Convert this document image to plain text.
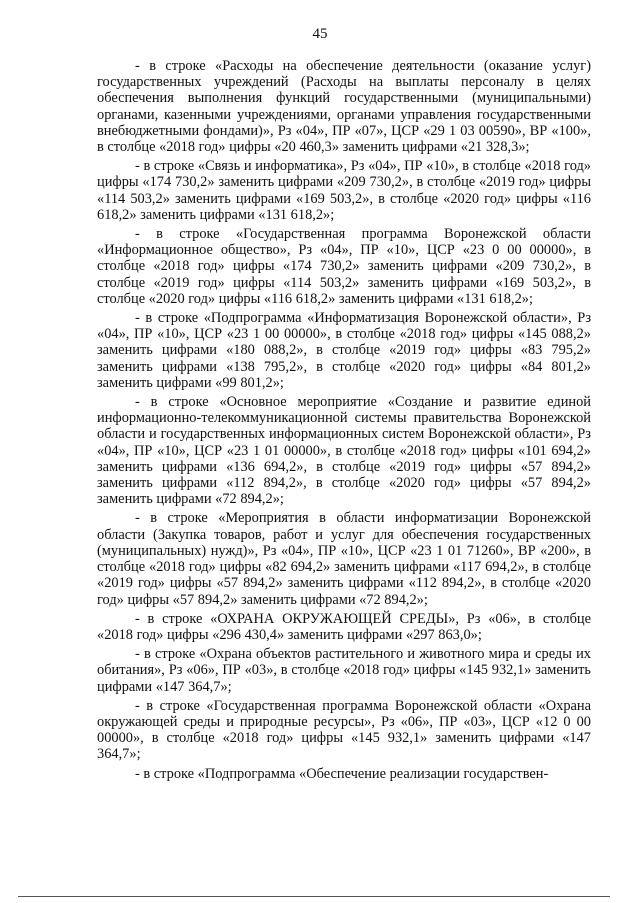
45

- в строке «Расходы на обеспечение деятельности (оказание услуг) государственных учреждений (Расходы на выплаты персоналу в целях обеспечения выполнения функций государственными (муниципальными) органами, казенными учреждениями, органами управления государственными внебюджетными фондами)», Рз «04», ПР «07», ЦСР «29 1 03 00590», ВР «100», в столбце «2018 год» цифры «20 460,3» заменить цифрами «21 328,3»;

- в строке «Связь и информатика», Рз «04», ПР «10», в столбце «2018 год» цифры «174 730,2» заменить цифрами «209 730,2», в столбце «2019 год» цифры «114 503,2» заменить цифрами «169 503,2», в столбце «2020 год» цифры «116 618,2» заменить цифрами «131 618,2»;

- в строке «Государственная программа Воронежской области «Информационное общество», Рз «04», ПР «10», ЦСР «23 0 00 00000», в столбце «2018 год» цифры «174 730,2» заменить цифрами «209 730,2», в столбце «2019 год» цифры «114 503,2» заменить цифрами «169 503,2», в столбце «2020 год» цифры «116 618,2» заменить цифрами «131 618,2»;

- в строке «Подпрограмма «Информатизация Воронежской области», Рз «04», ПР «10», ЦСР «23 1 00 00000», в столбце «2018 год» цифры «145 088,2» заменить цифрами «180 088,2», в столбце «2019 год» цифры «83 795,2» заменить цифрами «138 795,2», в столбце «2020 год» цифры «84 801,2» заменить цифрами «99 801,2»;

- в строке «Основное мероприятие «Создание и развитие единой информационно-телекоммуникационной системы правительства Воронежской области и государственных информационных систем Воронежской области», Рз «04», ПР «10», ЦСР «23 1 01 00000», в столбце «2018 год» цифры «101 694,2» заменить цифрами «136 694,2», в столбце «2019 год» цифры «57 894,2» заменить цифрами «112 894,2», в столбце «2020 год» цифры «57 894,2» заменить цифрами «72 894,2»;

- в строке «Мероприятия в области информатизации Воронежской области (Закупка товаров, работ и услуг для обеспечения государственных (муниципальных) нужд)», Рз «04», ПР «10», ЦСР «23 1 01 71260», ВР «200», в столбце «2018 год» цифры «82 694,2» заменить цифрами «117 694,2», в столбце «2019 год» цифры «57 894,2» заменить цифрами «112 894,2», в столбце «2020 год» цифры «57 894,2» заменить цифрами «72 894,2»;

- в строке «ОХРАНА ОКРУЖАЮЩЕЙ СРЕДЫ», Рз «06», в столбце «2018 год» цифры «296 430,4» заменить цифрами «297 863,0»;

- в строке «Охрана объектов растительного и животного мира и среды их обитания», Рз «06», ПР «03», в столбце «2018 год» цифры «145 932,1» заменить цифрами «147 364,7»;

- в строке «Государственная программа Воронежской области «Охрана окружающей среды и природные ресурсы», Рз «06», ПР «03», ЦСР «12 0 00 00000», в столбце «2018 год» цифры «145 932,1» заменить цифрами «147 364,7»;

- в строке «Подпрограмма «Обеспечение реализации государствен-
